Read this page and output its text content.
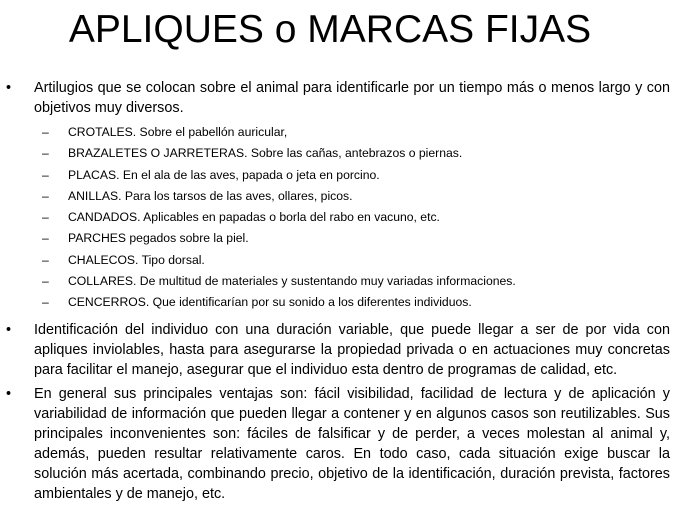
APLIQUES o MARCAS FIJAS
• Artilugios que se colocan sobre el animal para identificarle por un tiempo más o menos largo y con objetivos muy diversos.
– CROTALES. Sobre el pabellón auricular,
– BRAZALETES O JARRETERAS. Sobre las cañas, antebrazos o piernas.
– PLACAS. En el ala de las aves, papada o jeta en porcino.
– ANILLAS. Para los tarsos de las aves, ollares, picos.
– CANDADOS. Aplicables en papadas o borla del rabo en vacuno, etc.
– PARCHES pegados sobre la piel.
– CHALECOS. Tipo dorsal.
– COLLARES. De multitud de materiales y sustentando muy variadas informaciones.
– CENCERROS. Que identificarían por su sonido a los diferentes individuos.
• Identificación del individuo con una duración variable, que puede llegar a ser de por vida con apliques inviolables, hasta para asegurarse la propiedad privada o en actuaciones muy concretas para facilitar el manejo, asegurar que el individuo esta dentro de programas de calidad, etc.
• En general sus principales ventajas son: fácil visibilidad, facilidad de lectura y de aplicación y variabilidad de información que pueden llegar a contener y en algunos casos son reutilizables. Sus principales inconvenientes son: fáciles de falsificar y de perder, a veces molestan al animal y, además, pueden resultar relativamente caros. En todo caso, cada situación exige buscar la solución más acertada, combinando precio, objetivo de la identificación, duración prevista, factores ambientales y de manejo, etc.
